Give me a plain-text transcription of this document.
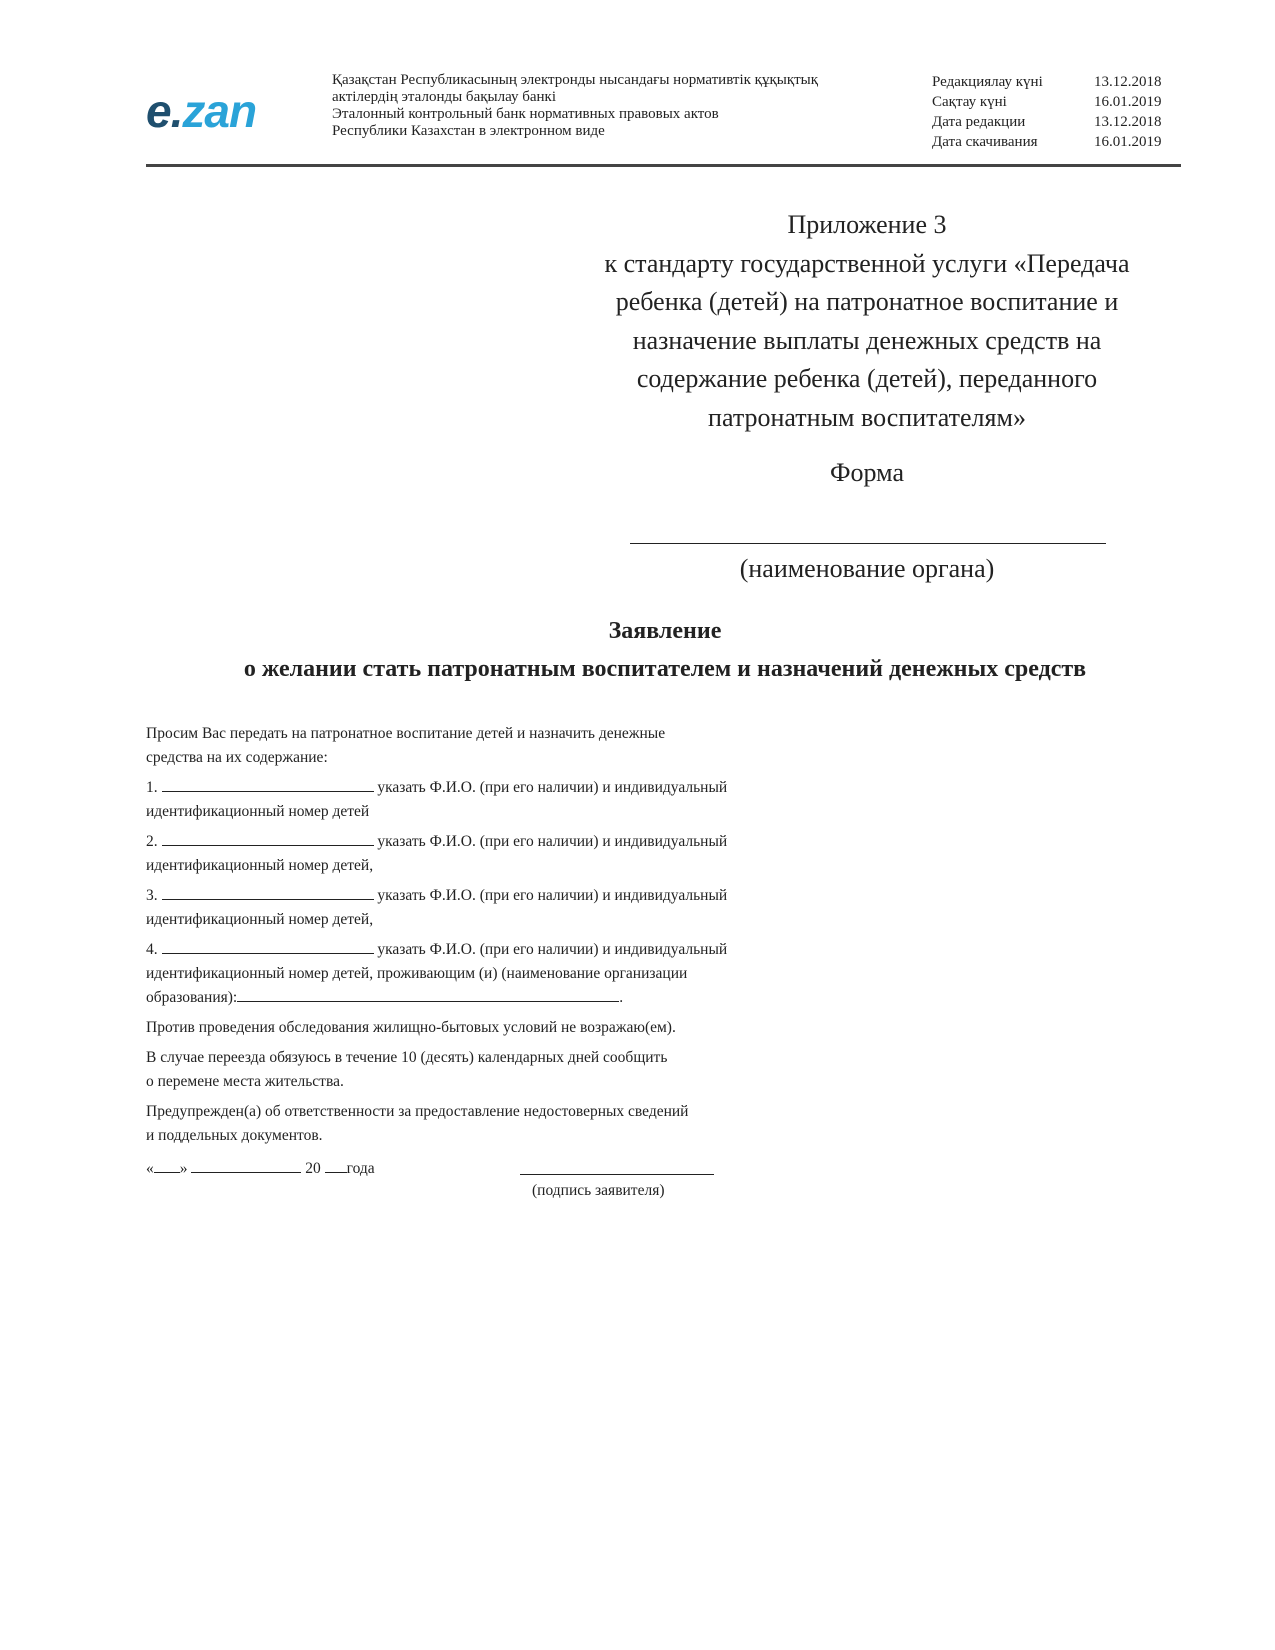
e.zan
Қазақстан Республикасының электронды нысандағы нормативтік құқықтық
актілердің эталонды бақылау банкі
Эталонный контрольный банк нормативных правовых актов
Республики Казахстан в электронном виде
Редакциялау күні	13.12.2018
Сақтау күні	16.01.2019
Дата редакции	13.12.2018
Дата скачивания	16.01.2019
Приложение 3
к стандарту государственной услуги «Передача
ребенка (детей) на патронатное воспитание и
назначение выплаты денежных средств на
содержание ребенка (детей), переданного
патронатным воспитателям»
Форма
(наименование органа)
Заявление
о желании стать патронатным воспитателем и назначений денежных средств
Просим Вас передать на патронатное воспитание детей и назначить денежные
средства на их содержание:
1.	указать Ф.И.О. (при его наличии) и индивидуальный
идентификационный номер детей
2.	указать Ф.И.О. (при его наличии) и индивидуальный
идентификационный номер детей,
3.	указать Ф.И.О. (при его наличии) и индивидуальный
идентификационный номер детей,
4.	указать Ф.И.О. (при его наличии) и индивидуальный
идентификационный номер детей, проживающим (и) (наименование организации
образования):	.
Против проведения обследования жилищно-бытовых условий не возражаю(ем).
В случае переезда обязуюсь в течение 10 (десять) календарных дней сообщить
о перемене места жительства.
Предупрежден(а) об ответственности за предоставление недостоверных сведений
и поддельных документов.
« »	20 года
(подпись заявителя)
